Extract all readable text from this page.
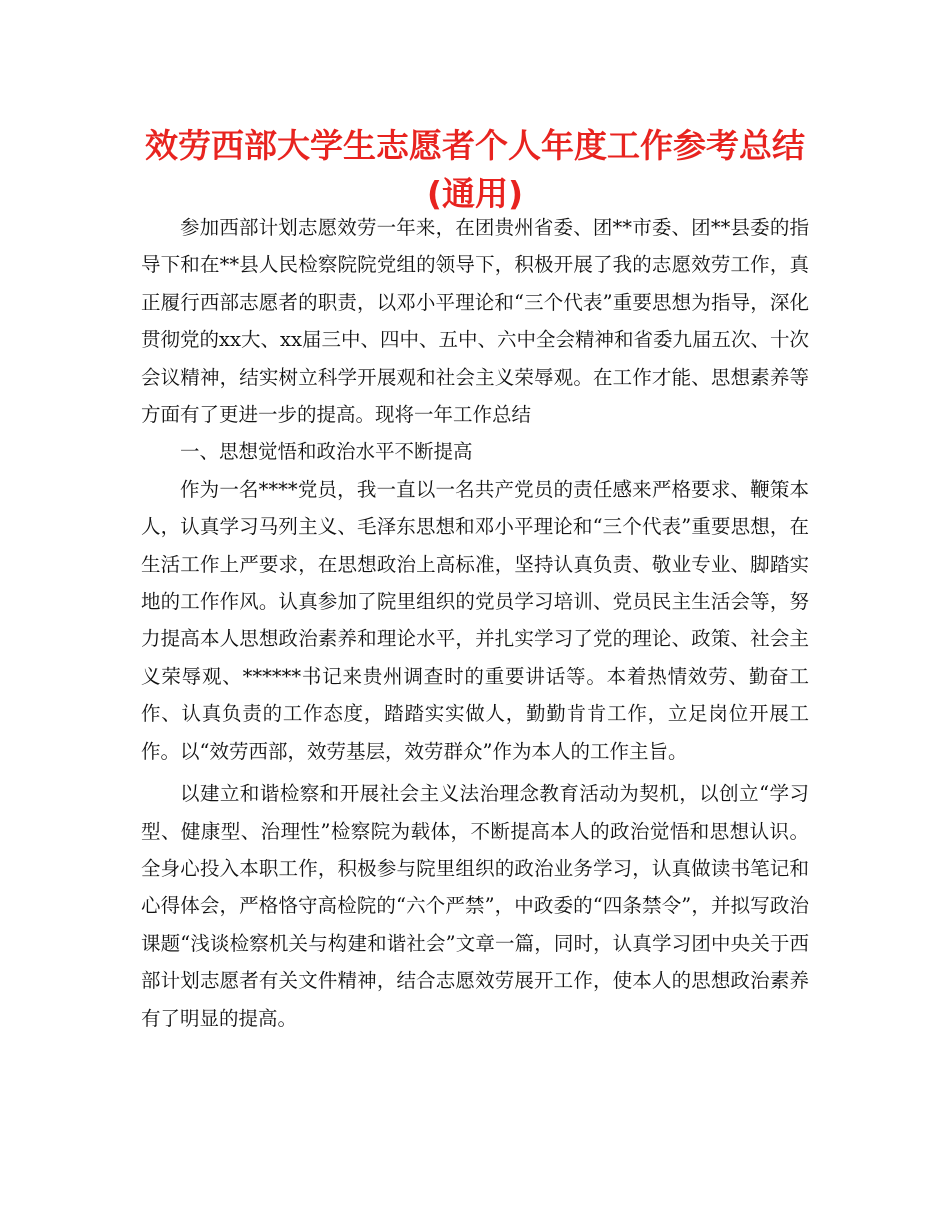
效劳西部大学生志愿者个人年度工作参考总结
(通用)

参加西部计划志愿效劳一年来，在团贵州省委、团**市委、团**县委的指导下和在**县人民检察院院党组的领导下，积极开展了我的志愿效劳工作，真正履行西部志愿者的职责，以邓小平理论和“三个代表”重要思想为指导，深化贯彻党的xx大、xx届三中、四中、五中、六中全会精神和省委九届五次、十次会议精神，结实树立科学开展观和社会主义荣辱观。在工作才能、思想素养等方面有了更进一步的提高。现将一年工作总结

一、思想觉悟和政治水平不断提高

作为一名****党员，我一直以一名共产党员的责任感来严格要求、鞭策本人，认真学习马列主义、毛泽东思想和邓小平理论和“三个代表”重要思想，在生活工作上严要求，在思想政治上高标准，坚持认真负责、敬业专业、脚踏实地的工作作风。认真参加了院里组织的党员学习培训、党员民主生活会等，努力提高本人思想政治素养和理论水平，并扎实学习了党的理论、政策、社会主义荣辱观、******书记来贵州调查时的重要讲话等。本着热情效劳、勤奋工作、认真负责的工作态度，踏踏实实做人，勤勤肯肯工作，立足岗位开展工作。以“效劳西部，效劳基层，效劳群众”作为本人的工作主旨。

以建立和谐检察和开展社会主义法治理念教育活动为契机，以创立“学习型、健康型、治理性”检察院为载体，不断提高本人的政治觉悟和思想认识。全身心投入本职工作，积极参与院里组织的政治业务学习，认真做读书笔记和心得体会，严格恪守高检院的“六个严禁”，中政委的“四条禁令”，并拟写政治课题“浅谈检察机关与构建和谐社会”文章一篇，同时，认真学习团中央关于西部计划志愿者有关文件精神，结合志愿效劳展开工作，使本人的思想政治素养有了明显的提高。
